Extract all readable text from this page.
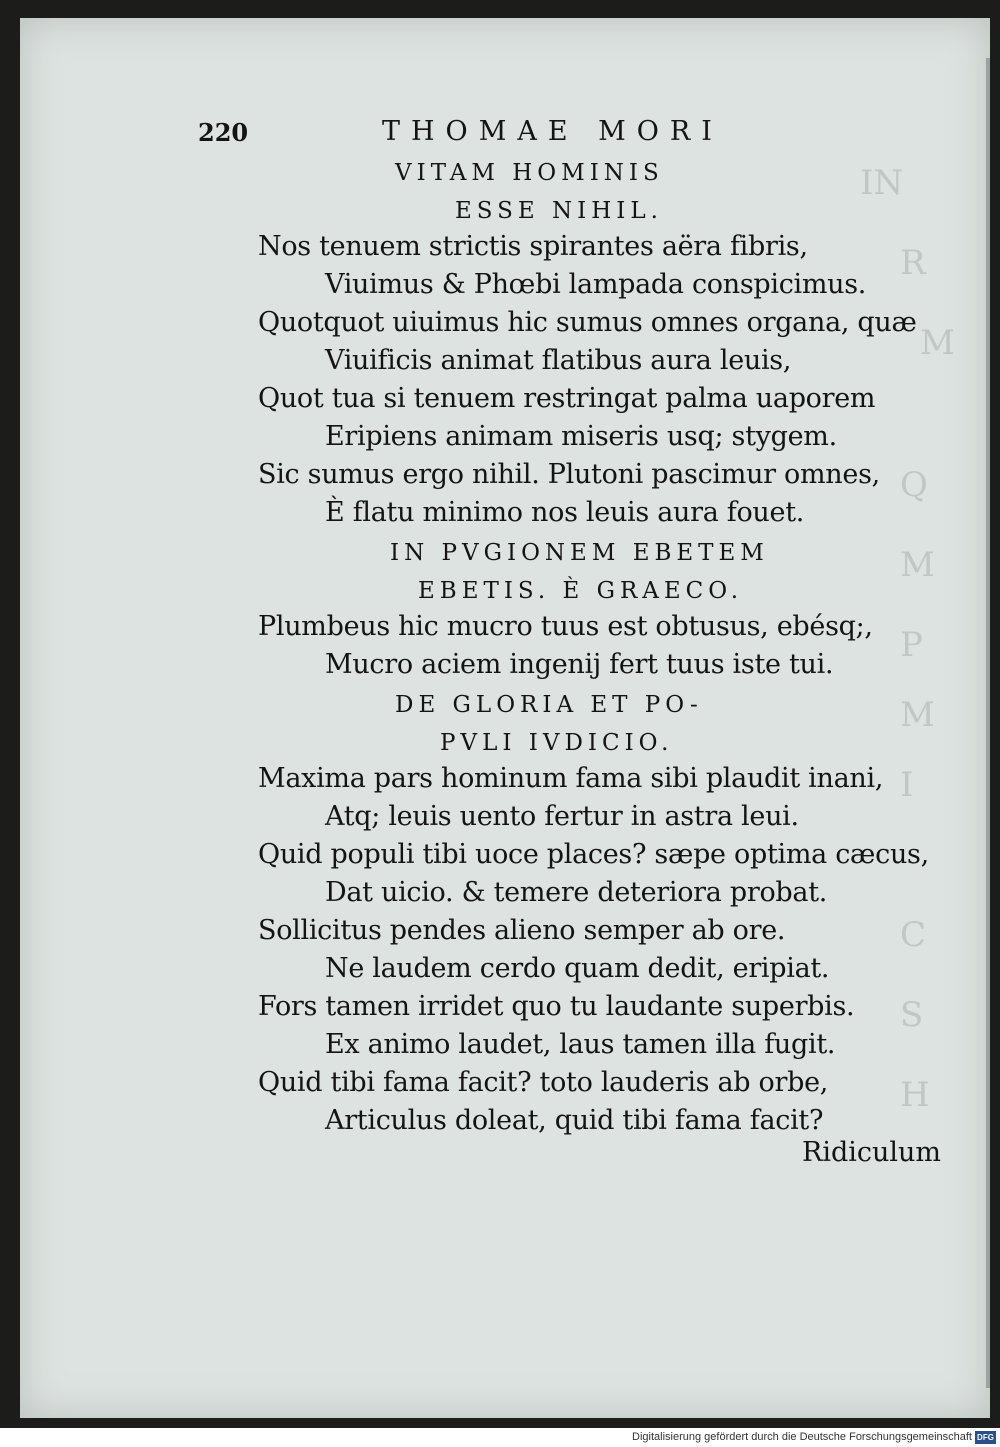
IN
R
M
Q
M
P
M
I
C
S
H
220	THOMAE MORI
VITAM HOMINIS
ESSE NIHIL.
Nos tenuem strictis spirantes aëra fibris,
Viuimus & Phœbi lampada conspicimus.
Quotquot uiuimus hic sumus omnes organa, quæ
Viuificis animat flatibus aura leuis,
Quot tua si tenuem restringat palma uaporem
Eripiens animam miseris usq; stygem.
Sic sumus ergo nihil. Plutoni pascimur omnes,
È flatu minimo nos leuis aura fouet.
IN PVGIONEM EBETEM
EBETIS. È GRAECO.
Plumbeus hic mucro tuus est obtusus, ebésq;,
Mucro aciem ingenij fert tuus iste tui.
DE GLORIA ET PO-
PVLI IVDICIO.
Maxima pars hominum fama sibi plaudit inani,
Atq; leuis uento fertur in astra leui.
Quid populi tibi uoce places? sæpe optima cæcus,
Dat uicio. & temere deteriora probat.
Sollicitus pendes alieno semper ab ore.
Ne laudem cerdo quam dedit, eripiat.
Fors tamen irridet quo tu laudante superbis.
Ex animo laudet, laus tamen illa fugit.
Quid tibi fama facit? toto lauderis ab orbe,
Articulus doleat, quid tibi fama facit?
Ridiculum
Digitalisierung gefördert durch die Deutsche Forschungsgemeinschaft DFG
